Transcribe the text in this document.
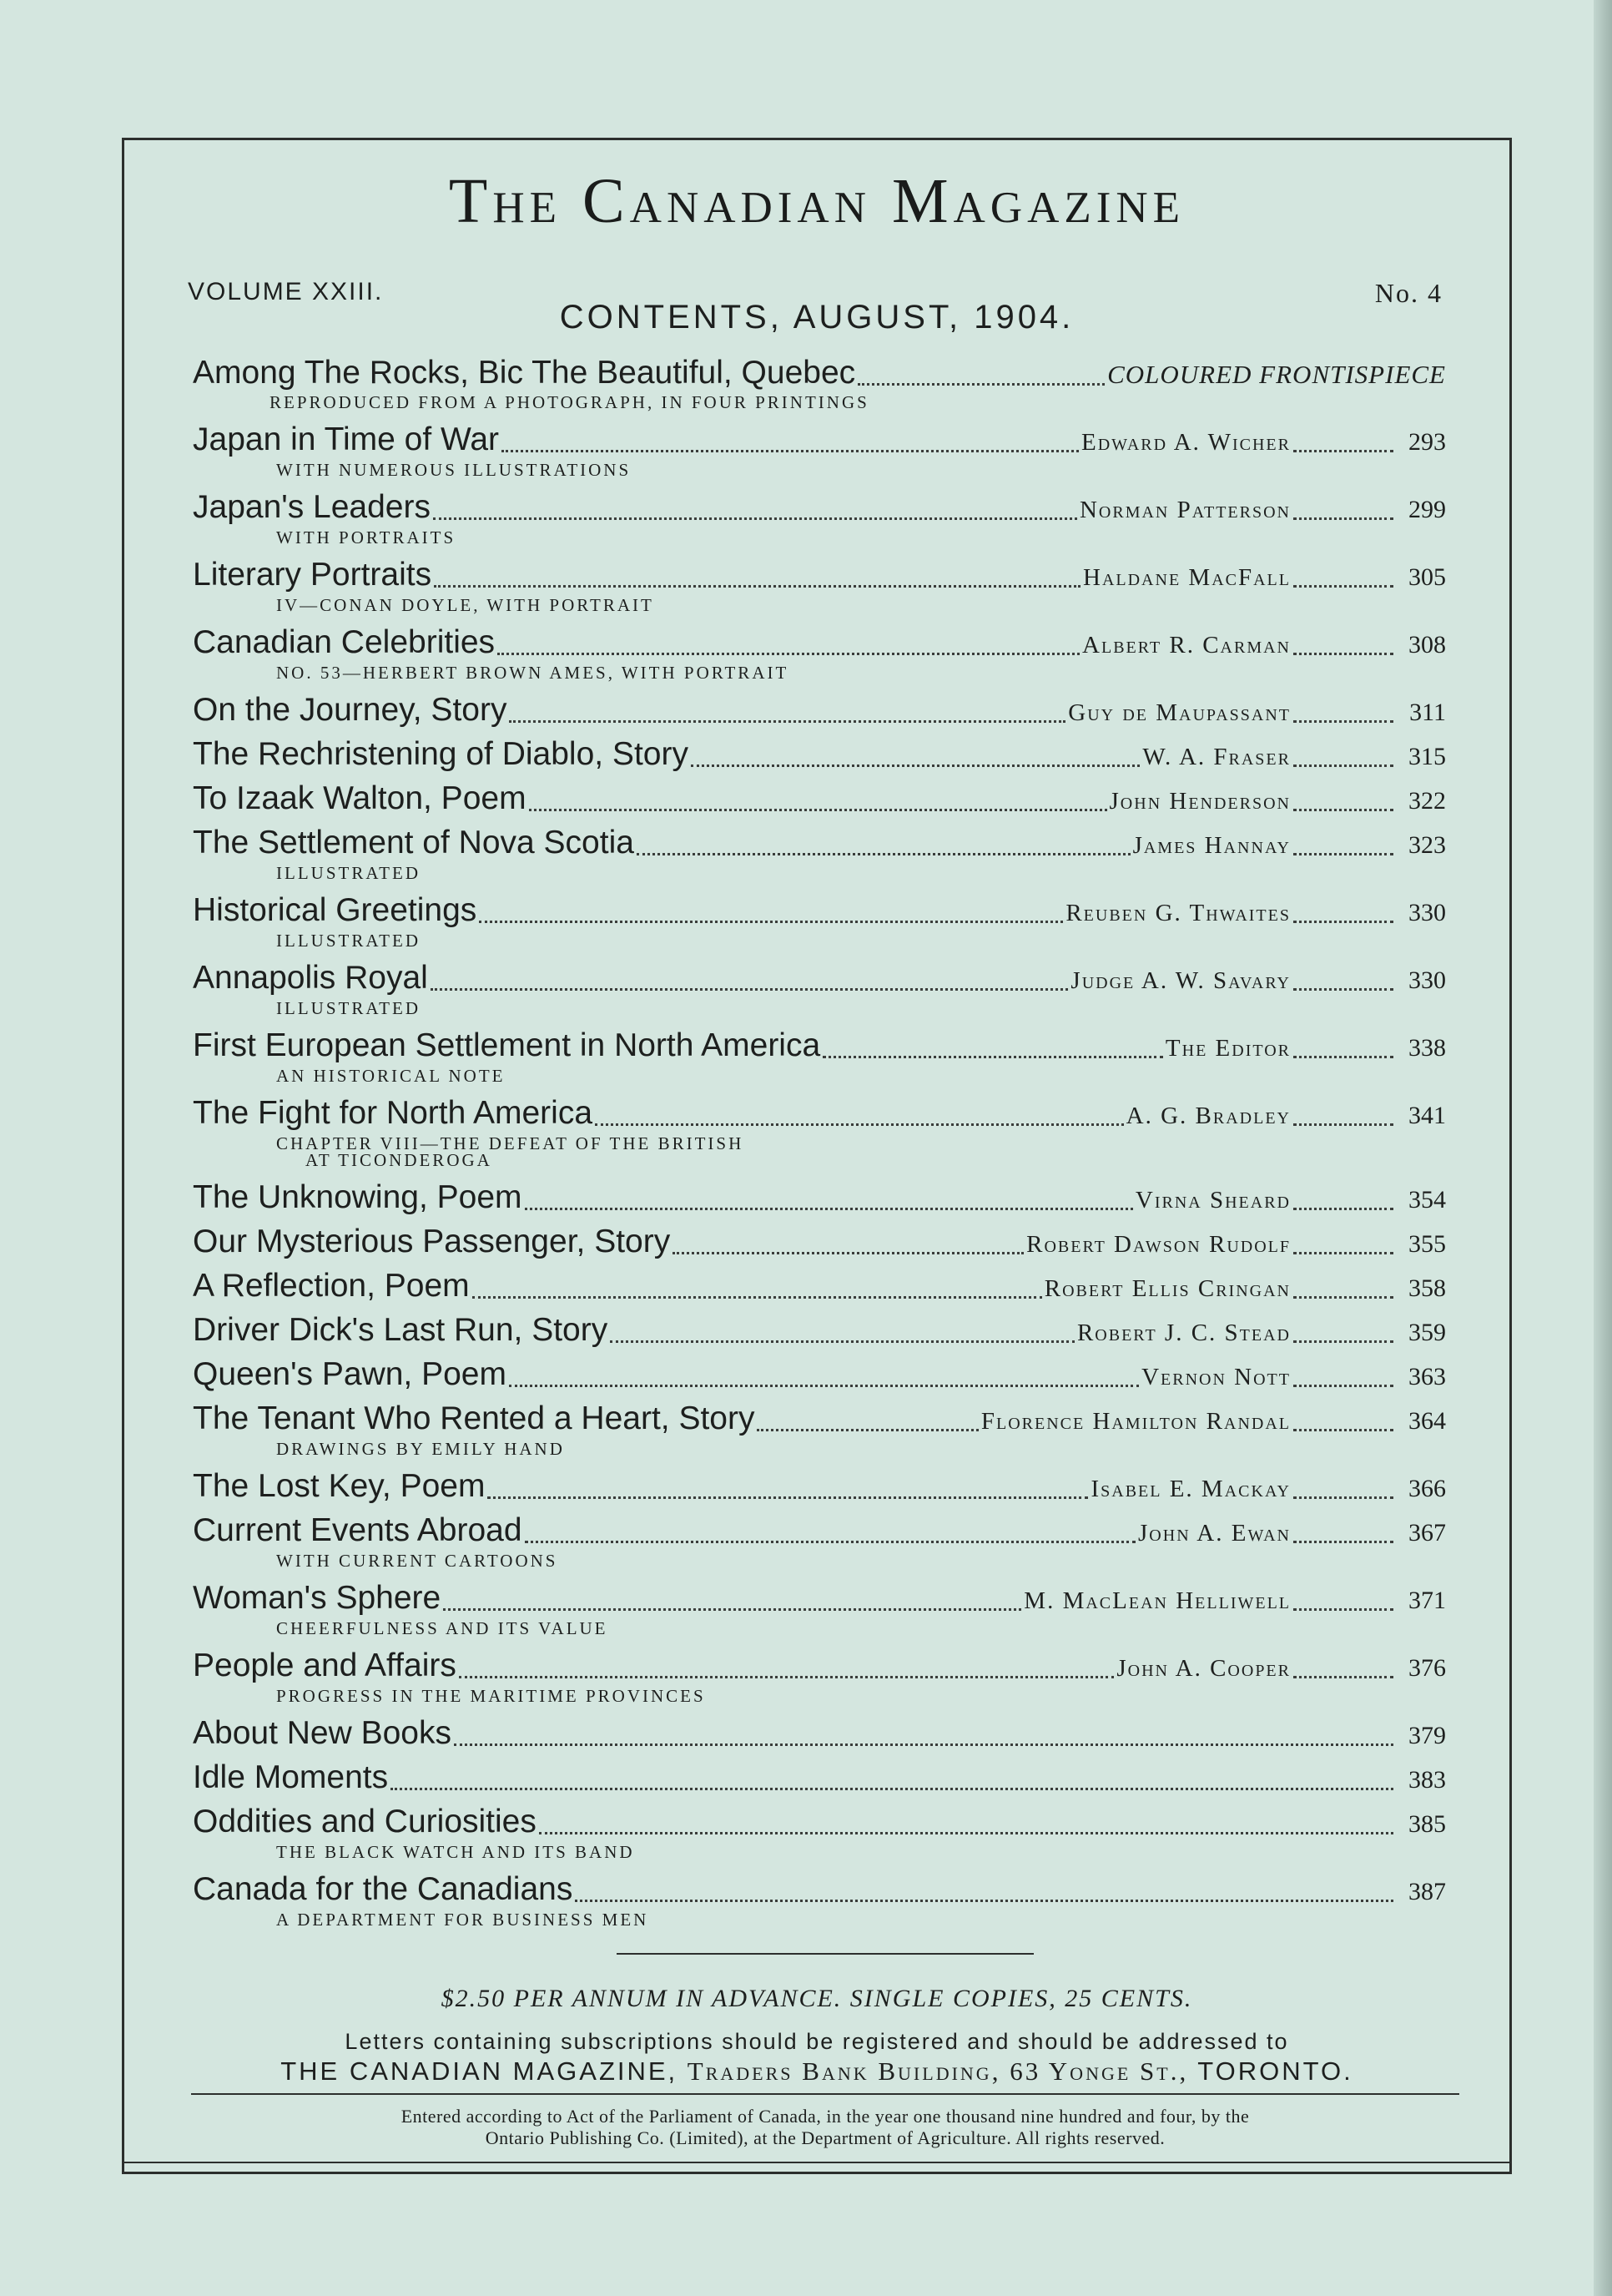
The Canadian Magazine
VOLUME XXIII.	No. 4
CONTENTS, AUGUST, 1904.
Among The Rocks, Bic The Beautiful, Quebec	COLOURED FRONTISPIECE
REPRODUCED FROM A PHOTOGRAPH, IN FOUR PRINTINGS
Japan in Time of War	Edward A. Wicher	293
WITH NUMEROUS ILLUSTRATIONS
Japan's Leaders	Norman Patterson	299
WITH PORTRAITS
Literary Portraits	Haldane MacFall	305
IV—CONAN DOYLE, WITH PORTRAIT
Canadian Celebrities	Albert R. Carman	308
NO. 53—HERBERT BROWN AMES, WITH PORTRAIT
On the Journey, Story	Guy de Maupassant	311
The Rechristening of Diablo, Story	W. A. Fraser	315
To Izaak Walton, Poem	John Henderson	322
The Settlement of Nova Scotia	James Hannay	323
ILLUSTRATED
Historical Greetings	Reuben G. Thwaites	330
ILLUSTRATED
Annapolis Royal	Judge A. W. Savary	330
ILLUSTRATED
First European Settlement in North America	The Editor	338
AN HISTORICAL NOTE
The Fight for North America	A. G. Bradley	341
CHAPTER VIII—THE DEFEAT OF THE BRITISH
AT TICONDEROGA
The Unknowing, Poem	Virna Sheard	354
Our Mysterious Passenger, Story	Robert Dawson Rudolf	355
A Reflection, Poem	Robert Ellis Cringan	358
Driver Dick's Last Run, Story	Robert J. C. Stead	359
Queen's Pawn, Poem	Vernon Nott	363
The Tenant Who Rented a Heart, Story	Florence Hamilton Randal	364
DRAWINGS BY EMILY HAND
The Lost Key, Poem	Isabel E. Mackay	366
Current Events Abroad	John A. Ewan	367
WITH CURRENT CARTOONS
Woman's Sphere	M. MacLean Helliwell	371
CHEERFULNESS AND ITS VALUE
People and Affairs	John A. Cooper	376
PROGRESS IN THE MARITIME PROVINCES
About New Books	379
Idle Moments	383
Oddities and Curiosities	385
THE BLACK WATCH AND ITS BAND
Canada for the Canadians	387
A DEPARTMENT FOR BUSINESS MEN
$2.50 PER ANNUM IN ADVANCE. SINGLE COPIES, 25 CENTS.
Letters containing subscriptions should be registered and should be addressed to
THE CANADIAN MAGAZINE, Traders Bank Building, 63 Yonge St., TORONTO.
Entered according to Act of the Parliament of Canada, in the year one thousand nine hundred and four, by the
Ontario Publishing Co. (Limited), at the Department of Agriculture. All rights reserved.
